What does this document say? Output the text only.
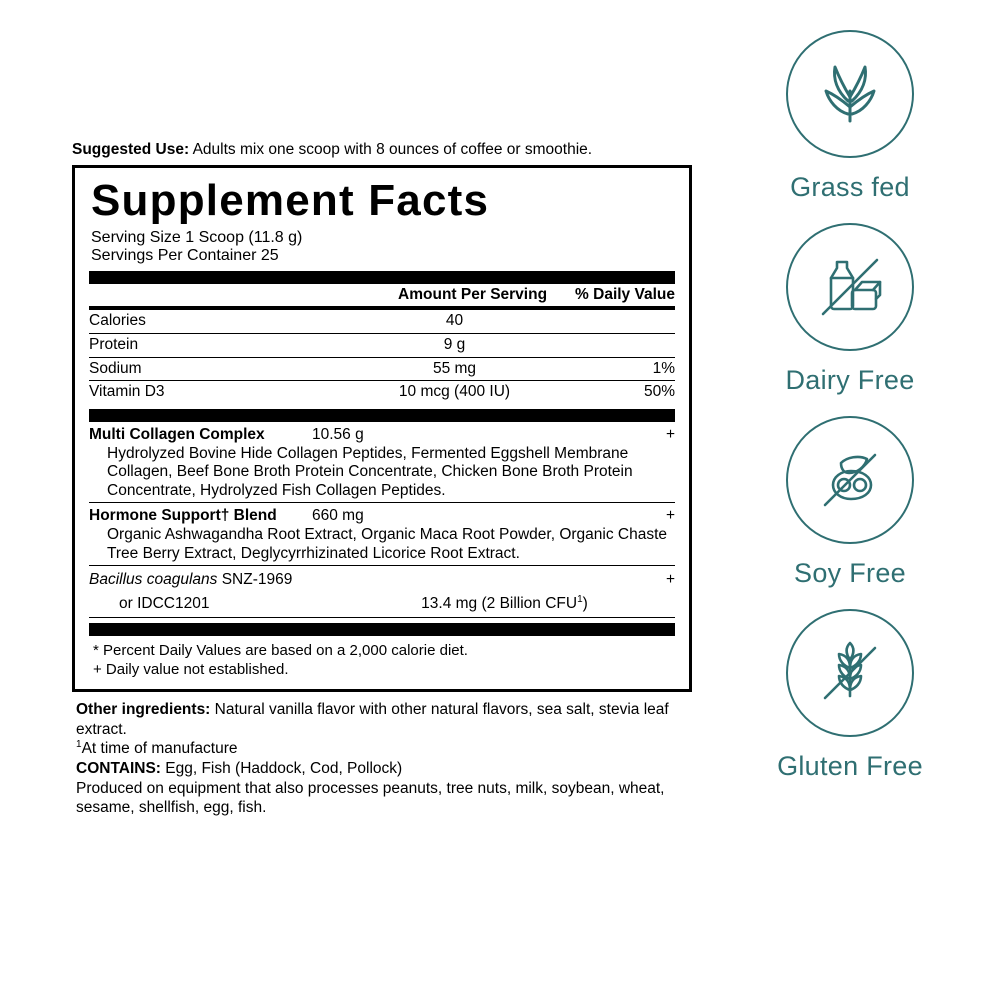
Suggested Use: Adults mix one scoop with 8 ounces of coffee or smoothie.
Supplement Facts
Serving Size 1 Scoop (11.8 g)
Servings Per Container 25
Amount Per Serving % Daily Value
Calories	40
Protein	9 g
Sodium	55 mg	1%
Vitamin D3	10 mcg (400 IU)	50%
Multi Collagen Complex	10.56 g	+
Hydrolyzed Bovine Hide Collagen Peptides, Fermented Eggshell Membrane Collagen, Beef Bone Broth Protein Concentrate, Chicken Bone Broth Protein Concentrate, Hydrolyzed Fish Collagen Peptides.
Hormone Support† Blend	660 mg	+
Organic Ashwagandha Root Extract, Organic Maca Root Powder, Organic Chaste Tree Berry Extract, Deglycyrrhizinated Licorice Root Extract.
Bacillus coagulans SNZ-1969	+
or IDCC1201	13.4 mg (2 Billion CFU$^1$)
* Percent Daily Values are based on a 2,000 calorie diet.
+ Daily value not established.
Other ingredients: Natural vanilla flavor with other natural flavors, sea salt, stevia leaf extract.
$^1$At time of manufacture
CONTAINS: Egg, Fish (Haddock, Cod, Pollock)
Produced on equipment that also processes peanuts, tree nuts, milk, soybean, wheat, sesame, shellfish, egg, fish.
Grass fed
Dairy Free
Soy Free
Gluten Free
